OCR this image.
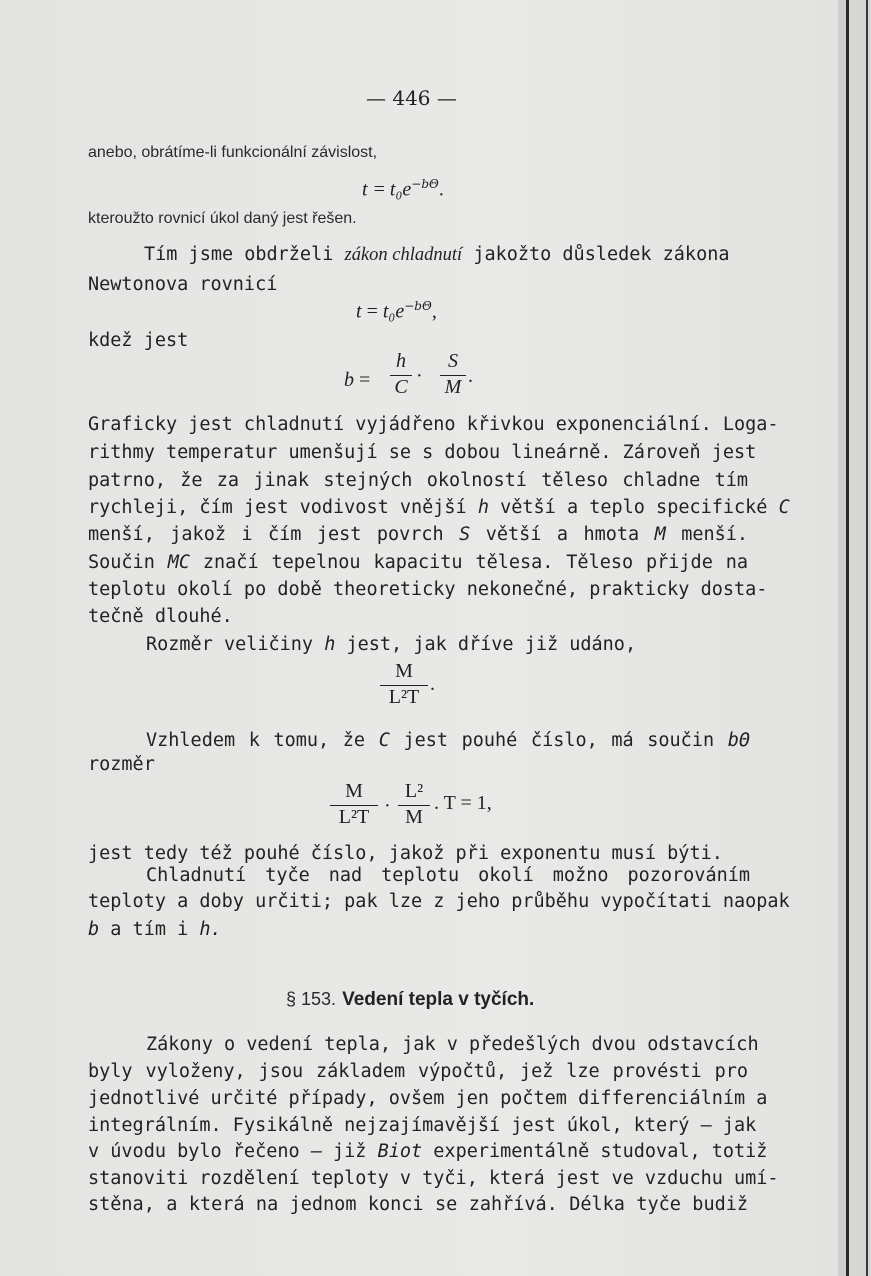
— 446 —
anebo, obrátíme-li funkcionální závislost,
$t = t_0e^{-b\Theta}$.
kteroužto rovnicí úkol daný jest řešen.
Tím jsme obdrželi zákon chladnutí jakožto důsledek zákona
Newtonova rovnicí
$t = t_0e^{-b\Theta}$,
kdež jest
b =
h
C ·
S
M .
Graficky jest chladnutí vyjádřeno křivkou exponenciální. Loga-
rithmy temperatur umenšují se s dobou lineárně. Zároveň jest
patrno, že za jinak stejných okolností těleso chladne tím
rychleji, čím jest vodivost vnější h větší a teplo specifické C
menší, jakož i čím jest povrch S větší a hmota M menší.
Součin MC značí tepelnou kapacitu tělesa. Těleso přijde na
teplotu okolí po době theoreticky nekonečné, prakticky dosta-
tečně dlouhé.
Rozměr veličiny h jest, jak dříve již udáno,
M
L²T
.
Vzhledem k tomu, že C jest pouhé číslo, má součin bΘ
rozměr
M
L²T ·
L²
M
. T = 1,
jest tedy též pouhé číslo, jakož při exponentu musí býti.
Chladnutí tyče nad teplotu okolí možno pozorováním
teploty a doby určiti; pak lze z jeho průběhu vypočítati naopak
b a tím i h.
§ 153. Vedení tepla v tyčích.
Zákony o vedení tepla, jak v předešlých dvou odstavcích
byly vyloženy, jsou základem výpočtů, jež lze provésti pro
jednotlivé určité případy, ovšem jen počtem differenciálním a
integrálním. Fysikálně nejzajímavější jest úkol, který — jak
v úvodu bylo řečeno — již Biot experimentálně studoval, totiž
stanoviti rozdělení teploty v tyči, která jest ve vzduchu umí-
stěna, a která na jednom konci se zahřívá. Délka tyče budiž
